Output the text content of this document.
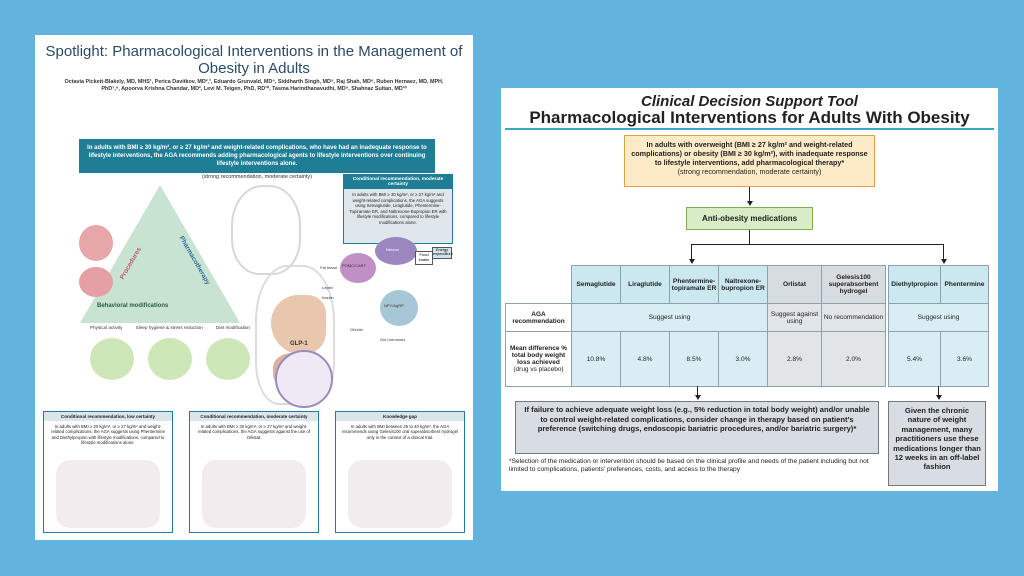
Spotlight: Pharmacological Interventions in the Management of Obesity in Adults
Octavia Pickett-Blakely, MD, MHS¹, Perica Davitkov, MD²,³, Eduardo Grunvald, MD⁴, Siddharth Singh, MD⁵, Raj Shah, MD⁶, Ruben Hernaez, MD, MPH, PhD⁷,⁸, Apoorva Krishna Chandar, MD², Levi M. Teigen, PhD, RD¹⁰, Tasma Harindhanavudhi, MD⁹, Shahnaz Sultan, MD¹⁰
In adults with BMI ≥ 30 kg/m², or ≥ 27 kg/m² and weight-related complications, who have had an inadequate response to lifestyle interventions, the AGA recommends adding pharmacological agents to lifestyle interventions over continuing lifestyle interventions alone.
(strong recommendation, moderate certainty)	Conditional recommendation, moderate certainty
In adults with BMI ≥ 30 kg/m², or ≥ 27 kg/m² and weight-related complications, the AGA suggests using Semaglutide, Liraglutide, Phentermine-Topiramate ER, and Naltrexone-Bupropion ER with lifestyle modifications, compared to lifestyle modifications alone.
Procedures	Pharmacotherapy
Behavioral modifications
Physical activity	Sleep hygiene & stress reduction	Diet modification
GLP-1
POMC/CART
NPY/AgRP
Neuron
Food intake
Energy expenditure
Leptin
Insulin
Ghrelin
Gut hormones
Fat tissue
Conditional recommendation, low certainty
In adults with BMI ≥ 30 kg/m², or ≥ 27 kg/m² and weight-related complications, the AGA suggests using Phentermine and Diethylpropion with lifestyle modifications, compared to lifestyle modifications alone.
Conditional recommendation, moderate certainty
In adults with BMI ≥ 30 kg/m², or ≥ 27 kg/m² and weight-related complications, the AGA suggests against the use of Orlistat.
Knowledge gap
In adults with BMI between 25 to 40 kg/m², the AGA recommends using Gelesis100 oral superabsorbent hydrogel only in the context of a clinical trial.
Clinical Decision Support Tool
Pharmacological Interventions for Adults With Obesity
In adults with overweight (BMI ≥ 27 kg/m² and weight-related complications) or obesity (BMI ≥ 30 kg/m²), with inadequate response to lifestyle interventions, add pharmacological therapy*
(strong recommendation, moderate certainty)
Anti-obesity medications
	Semaglutide	Liraglutide	Phentermine-topiramate ER	Naltrexone-bupropion ER	Orlistat	Gelesis100 superabsorbent hydrogel
AGA recommendation	Suggest using				Suggest against using	No recommendation

Mean difference % total body weight loss achieved
(drug vs placebo)	10.8%	4.8%	8.5%	3.0%	2.8%	2.0%
Diethylpropion	Phentermine
Suggest using	
5.4%	3.6%
If failure to achieve adequate weight loss (e.g., 5% reduction in total body weight) and/or unable to control weight-related complications, consider change in therapy based on patient’s preference (switching drugs, endoscopic bariatric procedures, and/or bariatric surgery)*
Given the chronic nature of weight management, many practitioners use these medications longer than 12 weeks in an off-label fashion
*Selection of the medication or intervention should be based on the clinical profile and needs of the patient including but not limited to complications, patients’ preferences, costs, and access to the therapy
